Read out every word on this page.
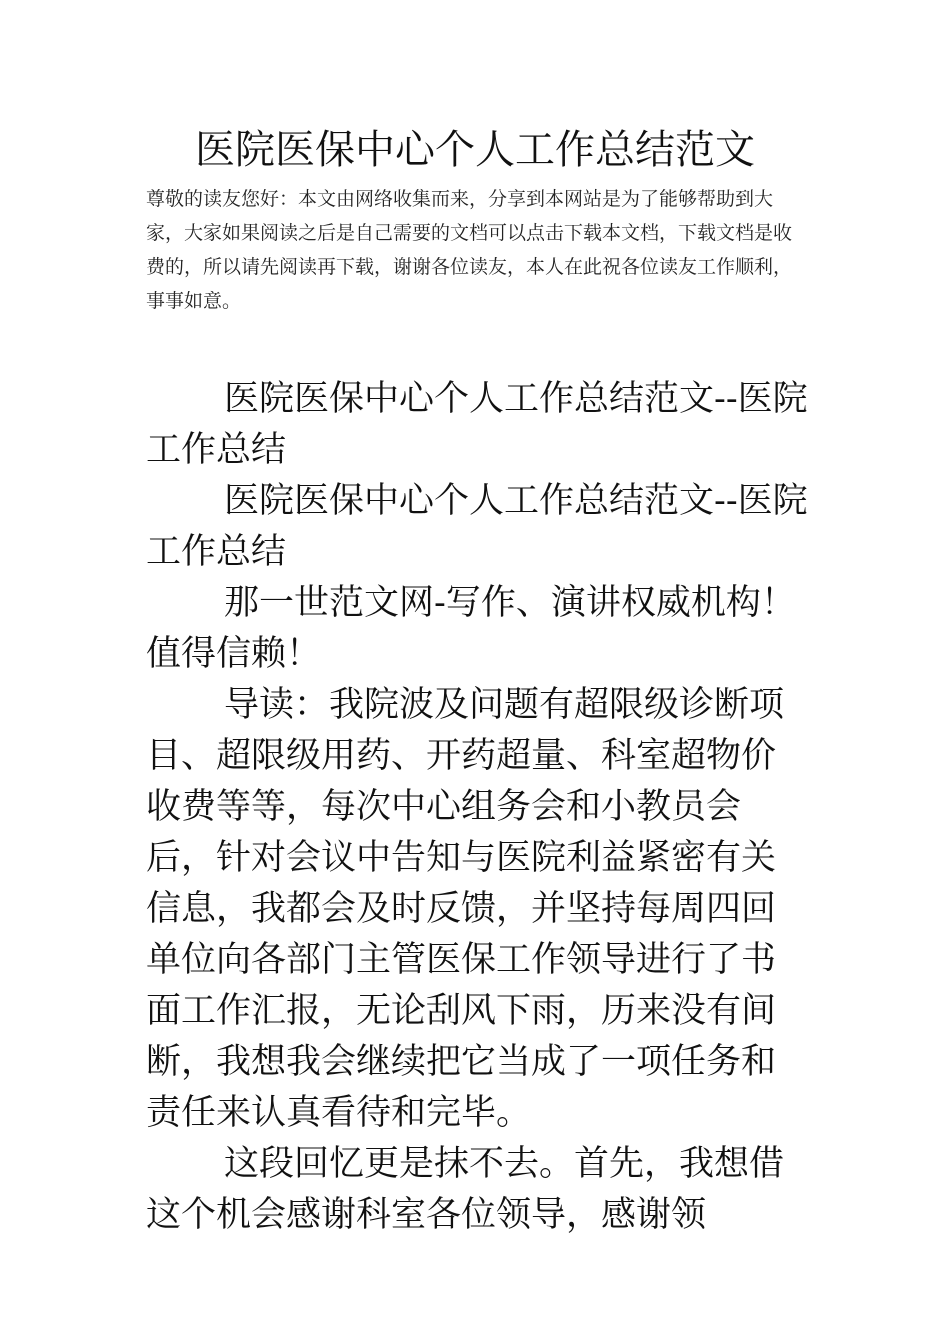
医院医保中心个人工作总结范文

尊敬的读友您好：本文由网络收集而来，分享到本网站是为了能够帮助到大家，大家如果阅读之后是自己需要的文档可以点击下载本文档，下载文档是收费的，所以请先阅读再下载，谢谢各位读友，本人在此祝各位读友工作顺利，事事如意。

医院医保中心个人工作总结范文--医院工作总结

医院医保中心个人工作总结范文--医院工作总结

那一世范文网-写作、演讲权威机构！值得信赖！

导读：我院波及问题有超限级诊断项目、超限级用药、开药超量、科室超物价收费等等，每次中心组务会和小教员会后，针对会议中告知与医院利益紧密有关信息，我都会及时反馈，并坚持每周四回单位向各部门主管医保工作领导进行了书面工作汇报，无论刮风下雨，历来没有间断，我想我会继续把它当成了一项任务和责任来认真看待和完毕。

这段回忆更是抹不去。首先，我想借这个机会感谢科室各位领导，感谢领
